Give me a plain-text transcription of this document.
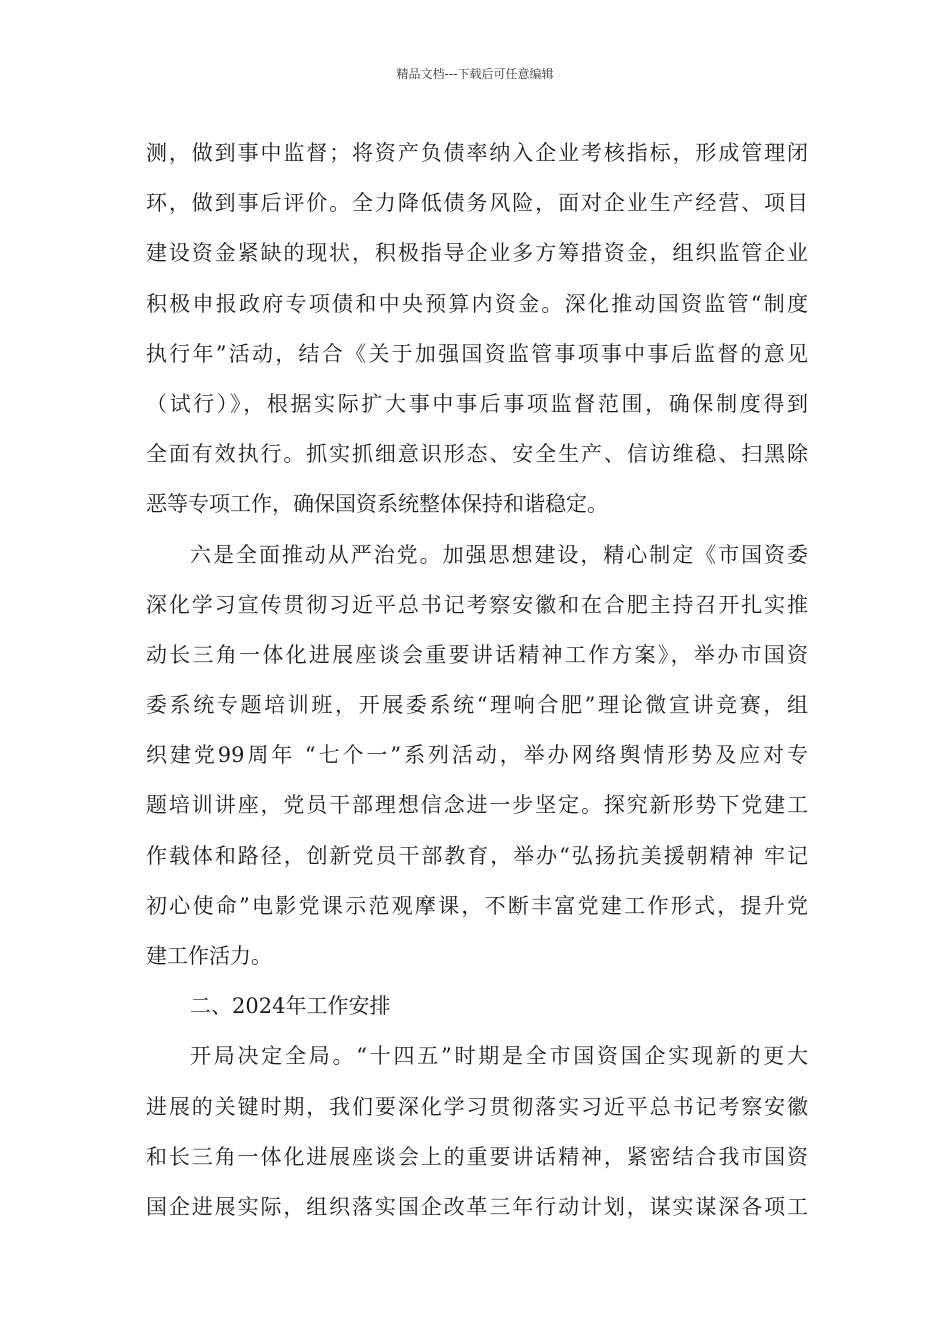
精品文档---下载后可任意编辑
测，做到事中监督；将资产负债率纳入企业考核指标，形成管理闭
环，做到事后评价。全力降低债务风险，面对企业生产经营、项目
建设资金紧缺的现状，积极指导企业多方筹措资金，组织监管企业
积极申报政府专项债和中央预算内资金。深化推动国资监管“制度
执行年”活动，结合《关于加强国资监管事项事中事后监督的意见
（试行）》，根据实际扩大事中事后事项监督范围，确保制度得到
全面有效执行。抓实抓细意识形态、安全生产、信访维稳、扫黑除
恶等专项工作，确保国资系统整体保持和谐稳定。
六是全面推动从严治党。加强思想建设，精心制定《市国资委
深化学习宣传贯彻习近平总书记考察安徽和在合肥主持召开扎实推
动长三角一体化进展座谈会重要讲话精神工作方案》，举办市国资
委系统专题培训班，开展委系统“理响合肥”理论微宣讲竞赛，组
织建党99周年 “七个一”系列活动，举办网络舆情形势及应对专
题培训讲座，党员干部理想信念进一步坚定。探究新形势下党建工
作载体和路径，创新党员干部教育，举办“弘扬抗美援朝精神 牢记
初心使命”电影党课示范观摩课，不断丰富党建工作形式，提升党
建工作活力。
二、2024年工作安排
开局决定全局。“十四五”时期是全市国资国企实现新的更大
进展的关键时期，我们要深化学习贯彻落实习近平总书记考察安徽
和长三角一体化进展座谈会上的重要讲话精神，紧密结合我市国资
国企进展实际，组织落实国企改革三年行动计划，谋实谋深各项工
